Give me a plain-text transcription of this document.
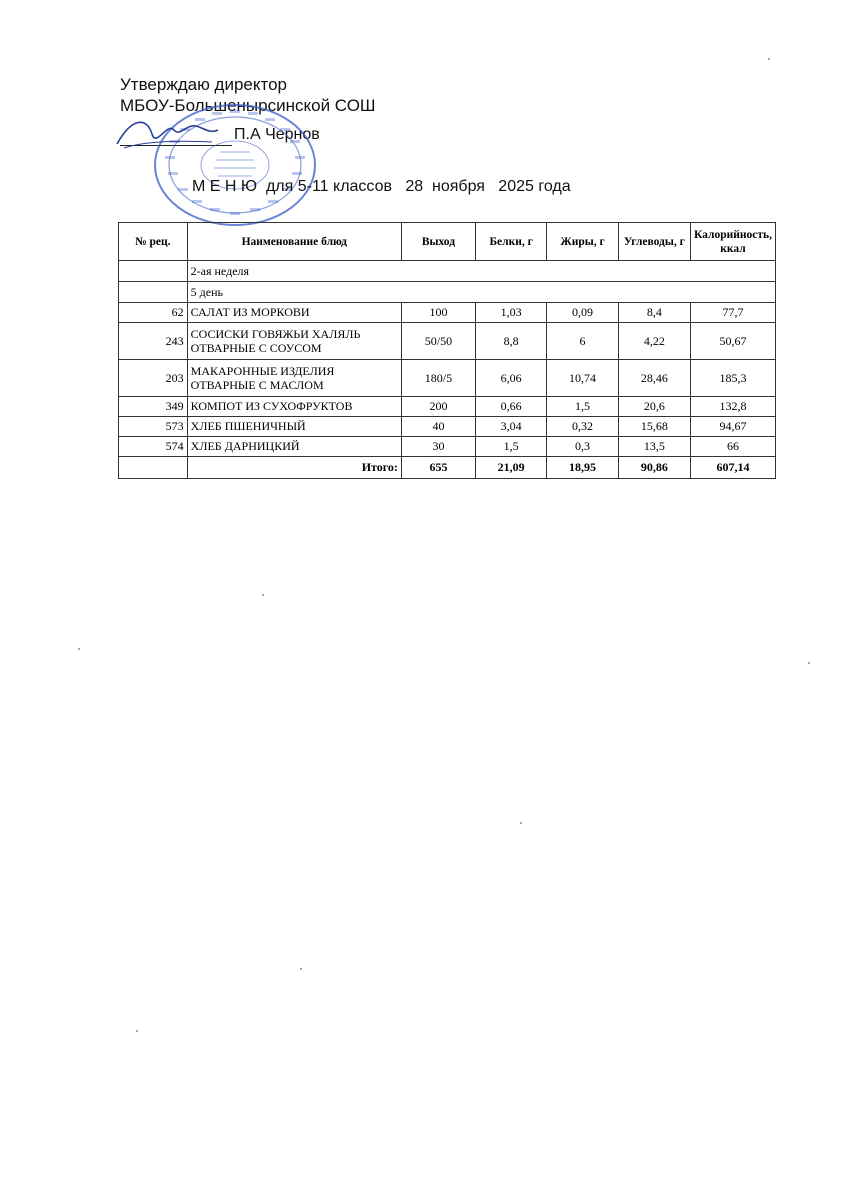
Утверждаю директор
МБОУ-Большенырсинской СОШ
П.А Чернов
М Е Н Ю  для 5-11 классов   28  ноября   2025 года
№ рец.	Наименование блюд	Выход	Белки, г	Жиры, г	Углеводы, г	Калорийность, ккал
	2-ая неделя					
	5 день					
62	САЛАТ ИЗ МОРКОВИ	100	1,03	0,09	8,4	77,7
243	СОСИСКИ ГОВЯЖЬИ ХАЛЯЛЬ ОТВАРНЫЕ С СОУСОМ	50/50	8,8	6	4,22	50,67
203	МАКАРОННЫЕ ИЗДЕЛИЯ ОТВАРНЫЕ С МАСЛОМ	180/5	6,06	10,74	28,46	185,3
349	КОМПОТ ИЗ СУХОФРУКТОВ	200	0,66	1,5	20,6	132,8
573	ХЛЕБ ПШЕНИЧНЫЙ	40	3,04	0,32	15,68	94,67
574	ХЛЕБ ДАРНИЦКИЙ	30	1,5	0,3	13,5	66
	Итого:	655	21,09	18,95	90,86	607,14
